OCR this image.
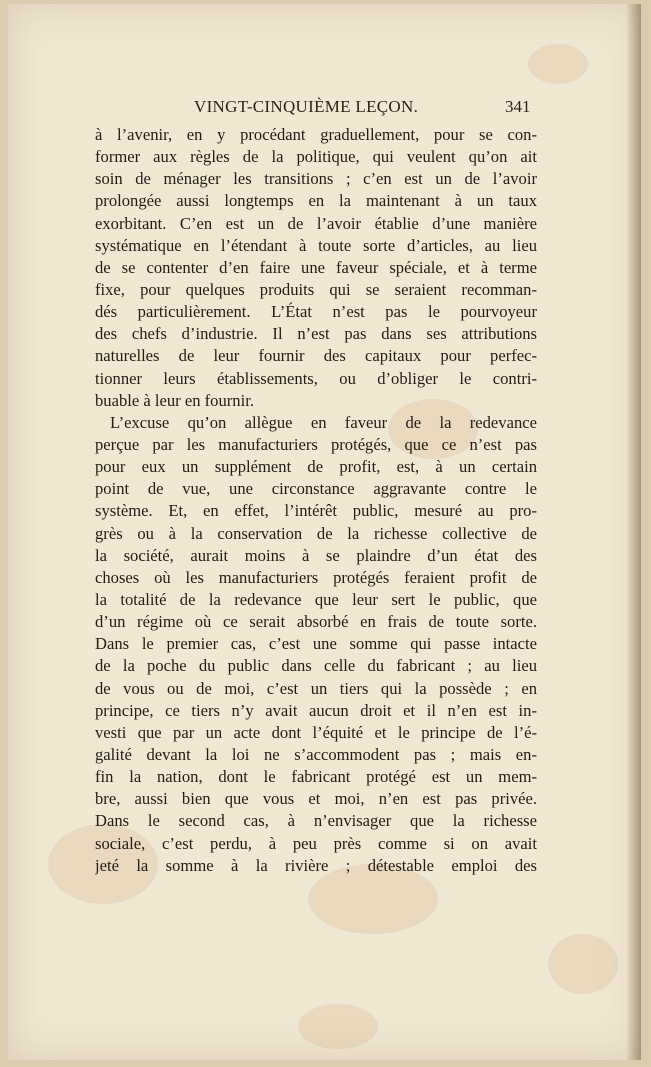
VINGT-CINQUIÈME LEÇON.	341
à l’avenir, en y procédant graduellement, pour se con-
former aux règles de la politique, qui veulent qu’on ait
soin de ménager les transitions ; c’en est un de l’avoir
prolongée aussi longtemps en la maintenant à un taux
exorbitant. C’en est un de l’avoir établie d’une manière
systématique en l’étendant à toute sorte d’articles, au lieu
de se contenter d’en faire une faveur spéciale, et à terme
fixe, pour quelques produits qui se seraient recomman-
dés particulièrement. L’État n’est pas le pourvoyeur
des chefs d’industrie. Il n’est pas dans ses attributions
naturelles de leur fournir des capitaux pour perfec-
tionner leurs établissements, ou d’obliger le contri-
buable à leur en fournir.
L’excuse qu’on allègue en faveur de la redevance
perçue par les manufacturiers protégés, que ce n’est pas
pour eux un supplément de profit, est, à un certain
point de vue, une circonstance aggravante contre le
système. Et, en effet, l’intérêt public, mesuré au pro-
grès ou à la conservation de la richesse collective de
la société, aurait moins à se plaindre d’un état des
choses où les manufacturiers protégés feraient profit de
la totalité de la redevance que leur sert le public, que
d’un régime où ce serait absorbé en frais de toute sorte.
Dans le premier cas, c’est une somme qui passe intacte
de la poche du public dans celle du fabricant ; au lieu
de vous ou de moi, c’est un tiers qui la possède ; en
principe, ce tiers n’y avait aucun droit et il n’en est in-
vesti que par un acte dont l’équité et le principe de l’é-
galité devant la loi ne s’accommodent pas ; mais en-
fin la nation, dont le fabricant protégé est un mem-
bre, aussi bien que vous et moi, n’en est pas privée.
Dans le second cas, à n’envisager que la richesse
sociale, c’est perdu, à peu près comme si on avait
jeté la somme à la rivière ; détestable emploi des
